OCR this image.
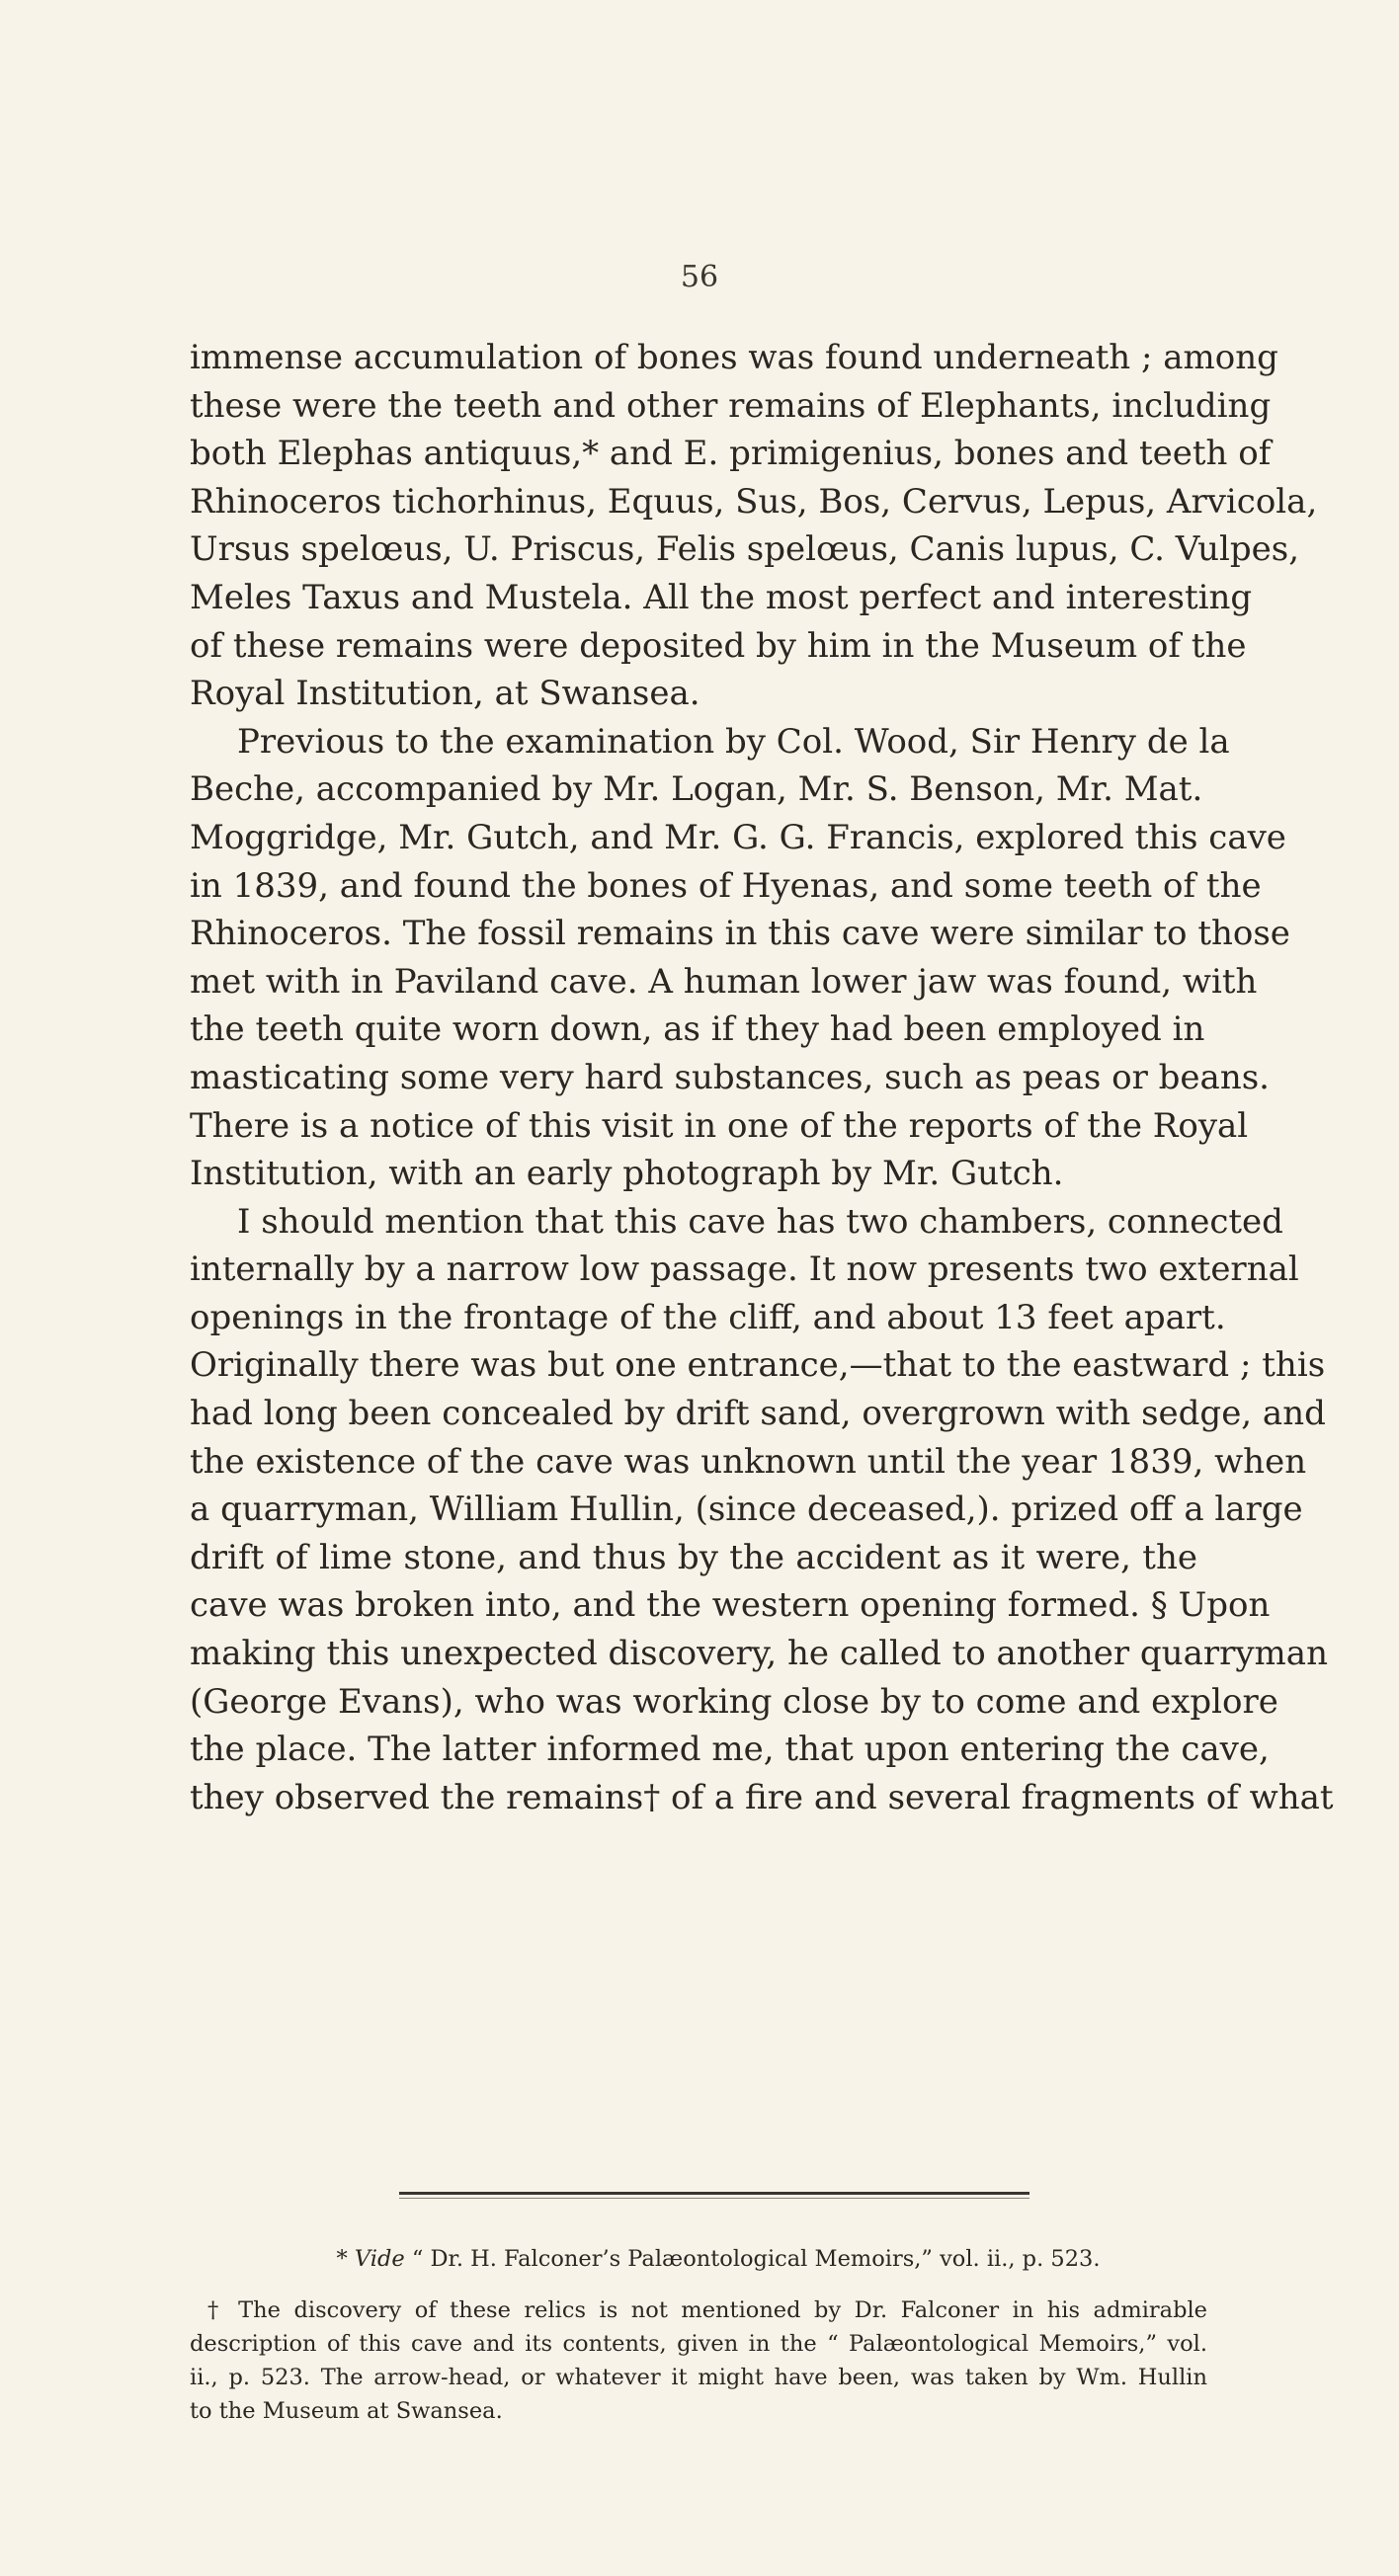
56
immense accumulation of bones was found underneath ; among
these were the teeth and other remains of Elephants, including
both Elephas antiquus,* and E. primigenius, bones and teeth of
Rhinoceros tichorhinus, Equus, Sus, Bos, Cervus, Lepus, Arvicola,
Ursus spelœus, U. Priscus, Felis spelœus, Canis lupus, C. Vulpes,
Meles Taxus and Mustela. All the most perfect and interesting
of these remains were deposited by him in the Museum of the
Royal Institution, at Swansea.
Previous to the examination by Col. Wood, Sir Henry de la
Beche, accompanied by Mr. Logan, Mr. S. Benson, Mr. Mat.
Moggridge, Mr. Gutch, and Mr. G. G. Francis, explored this cave
in 1839, and found the bones of Hyenas, and some teeth of the
Rhinoceros. The fossil remains in this cave were similar to those
met with in Paviland cave. A human lower jaw was found, with
the teeth quite worn down, as if they had been employed in
masticating some very hard substances, such as peas or beans.
There is a notice of this visit in one of the reports of the Royal
Institution, with an early photograph by Mr. Gutch.
I should mention that this cave has two chambers, connected
internally by a narrow low passage. It now presents two external
openings in the frontage of the cliff, and about 13 feet apart.
Originally there was but one entrance,—that to the eastward ; this
had long been concealed by drift sand, overgrown with sedge, and
the existence of the cave was unknown until the year 1839, when
a quarryman, William Hullin, (since deceased,). prized off a large
drift of lime stone, and thus by the accident as it were, the
cave was broken into, and the western opening formed. § Upon
making this unexpected discovery, he called to another quarryman
(George Evans), who was working close by to come and explore
the place. The latter informed me, that upon entering the cave,
they observed the remains† of a fire and several fragments of what
* Vide “ Dr. H. Falconer’s Palæontological Memoirs,” vol. ii., p. 523.
† The discovery of these relics is not mentioned by Dr. Falconer in his admirable
description of this cave and its contents, given in the “ Palæontological Memoirs,” vol.
ii., p. 523. The arrow-head, or whatever it might have been, was taken by Wm. Hullin
to the Museum at Swansea.
